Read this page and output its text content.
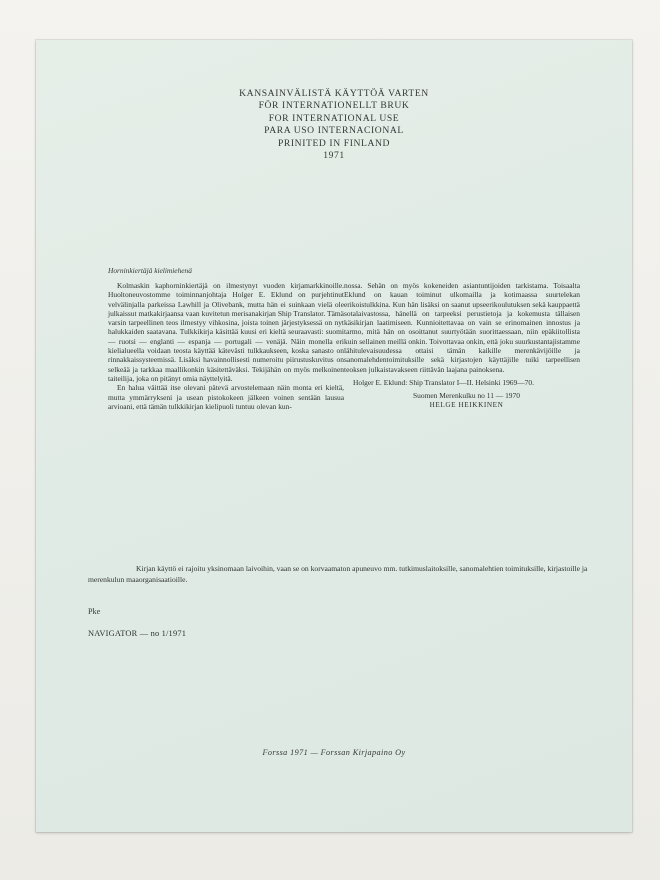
KANSAINVÄLISTÄ KÄYTTÖÄ VARTEN
FÖR INTERNATIONELLT BRUK
FOR INTERNATIONAL USE
PARA USO INTERNACIONAL
PRINITED IN FINLAND
1971
Horninkiertäjä kielimiehenä

Kolmaskin kaphorninkiertäjä on ilmestynyt vuoden kirjamarkkinoille. Huoltoneuvostomme toiminnanjohtaja Holger E. Eklund on purjehtinut velvälinjalla parkeissa Lawhill ja Olivebank, mutta hän ei suinkaan vielä ole julkaissut matkakirjaansa vaan kuvitetun merisanakirjan Ship Translator. Tämä varsin tarpeellinen teos ilmestyy vihkosina, joista toinen järjestyksessä on nyt halukkaiden saatavana. Tulkkikirja käsittää kuusi eri kieltä seuraavasti: suomi — ruotsi — englanti — espanja — portugali — venäjä. Näin monella eri kielialueella voidaan teosta käyttää kätevästi tulkkaukseen, koska sanasto on rinnakkaissysteemissä. Lisäksi havainnollisesti numeroitu piirustuskuvitus on selkeää ja tarkkaa maallikonkin käsitettäväksi. Tekijähän on myös melkoinen taiteilija, joka on pitänyt omia näyttelyitä.

En halua väittää itse olevani pätevä arvostelemaan näin monta eri kieltä, mutta ymmärrykseni ja usean pistokokeen jälkeen voinen sentään lausua arvioani, että tämän tulkkikirjan kielipuoli tuntuu olevan kun-

nossa. Sehän on myös kokeneiden asiantuntijoiden tarkistama. Toisaalta Eklund on kauan toiminut ulkomailla ja kotimaassa suurtelekan erikoistulkkina. Kun hän lisäksi on saanut upseerikoulutuksen sekä kauppaettä sotalaivastossa, hänellä on tarpeeksi perustietoja ja kokemusta tällaisen käsikirjan laatimiseen. Kunnioitettavaa on vain se erinomainen innostus ja tarmo, mitä hän on osoittanut suurtyötään suorittaessaan, niin epäkiitollista kuin sellainen meillä onkin. Toivottavaa onkin, että joku suurkustantajistamme lähitulevaisuudessa ottaisi tämän kaikille merenkävijöille ja sanomalehdentoimituksille sekä kirjastojen käyttäjille tuiki tarpeellisen teoksen julkaistavakseen riittävän laajana painoksena.

Holger E. Eklund: Ship Translator I—II. Helsinki 1969—70.

Suomen Merenkulku no 11 — 1970

HELGE HEIKKINEN

Kirjan käyttö ei rajoitu yksinomaan laivoihin, vaan se on korvaamaton apuneuvo mm. tutkimuslaitoksille, sanomalehtien toimituksille, kirjastoille ja merenkulun maaorganisaatioille.

Pke
NAVIGATOR — no 1/1971
Forssa 1971 — Forssan Kirjapaino Oy
